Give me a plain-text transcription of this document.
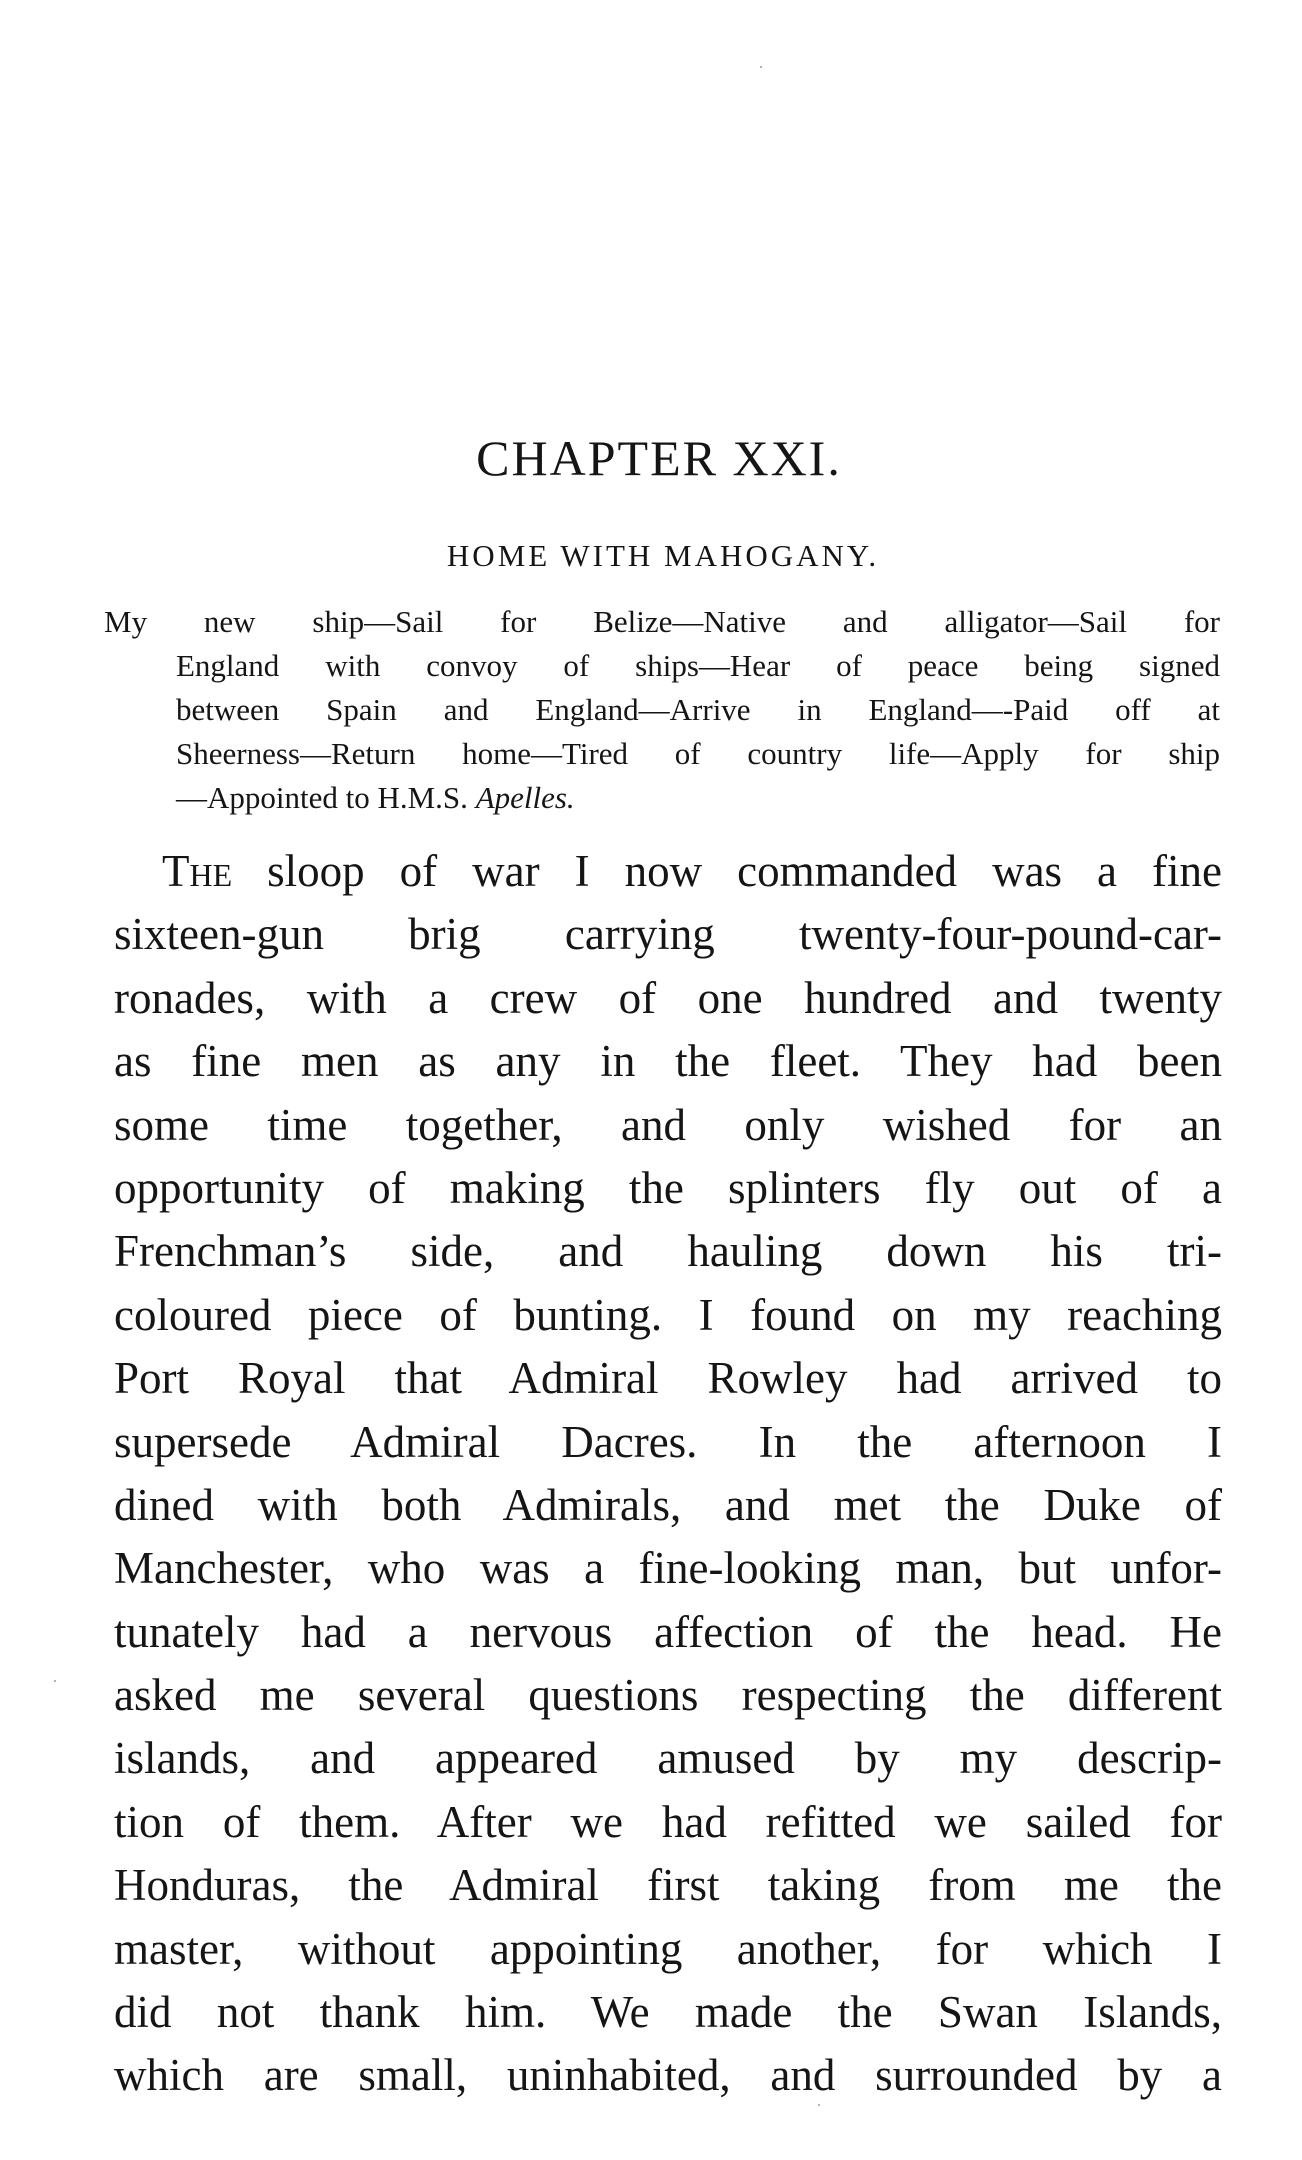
CHAPTER XXI.
HOME WITH MAHOGANY.
My new ship—Sail for Belize—Native and alligator—Sail for
England with convoy of ships—Hear of peace being signed
between Spain and England—Arrive in England—-Paid off at
Sheerness—Return home—Tired of country life—Apply for ship
—Appointed to H.M.S. Apelles.
The sloop of war I now commanded was a fine
sixteen-gun brig carrying twenty-four-pound-car-
ronades, with a crew of one hundred and twenty
as fine men as any in the fleet. They had been
some time together, and only wished for an
opportunity of making the splinters fly out of a
Frenchman’s side, and hauling down his tri-
coloured piece of bunting. I found on my reaching
Port Royal that Admiral Rowley had arrived to
supersede Admiral Dacres. In the afternoon I
dined with both Admirals, and met the Duke of
Manchester, who was a fine-looking man, but unfor-
tunately had a nervous affection of the head. He
asked me several questions respecting the different
islands, and appeared amused by my descrip-
tion of them. After we had refitted we sailed for
Honduras, the Admiral first taking from me the
master, without appointing another, for which I
did not thank him. We made the Swan Islands,
which are small, uninhabited, and surrounded by a
